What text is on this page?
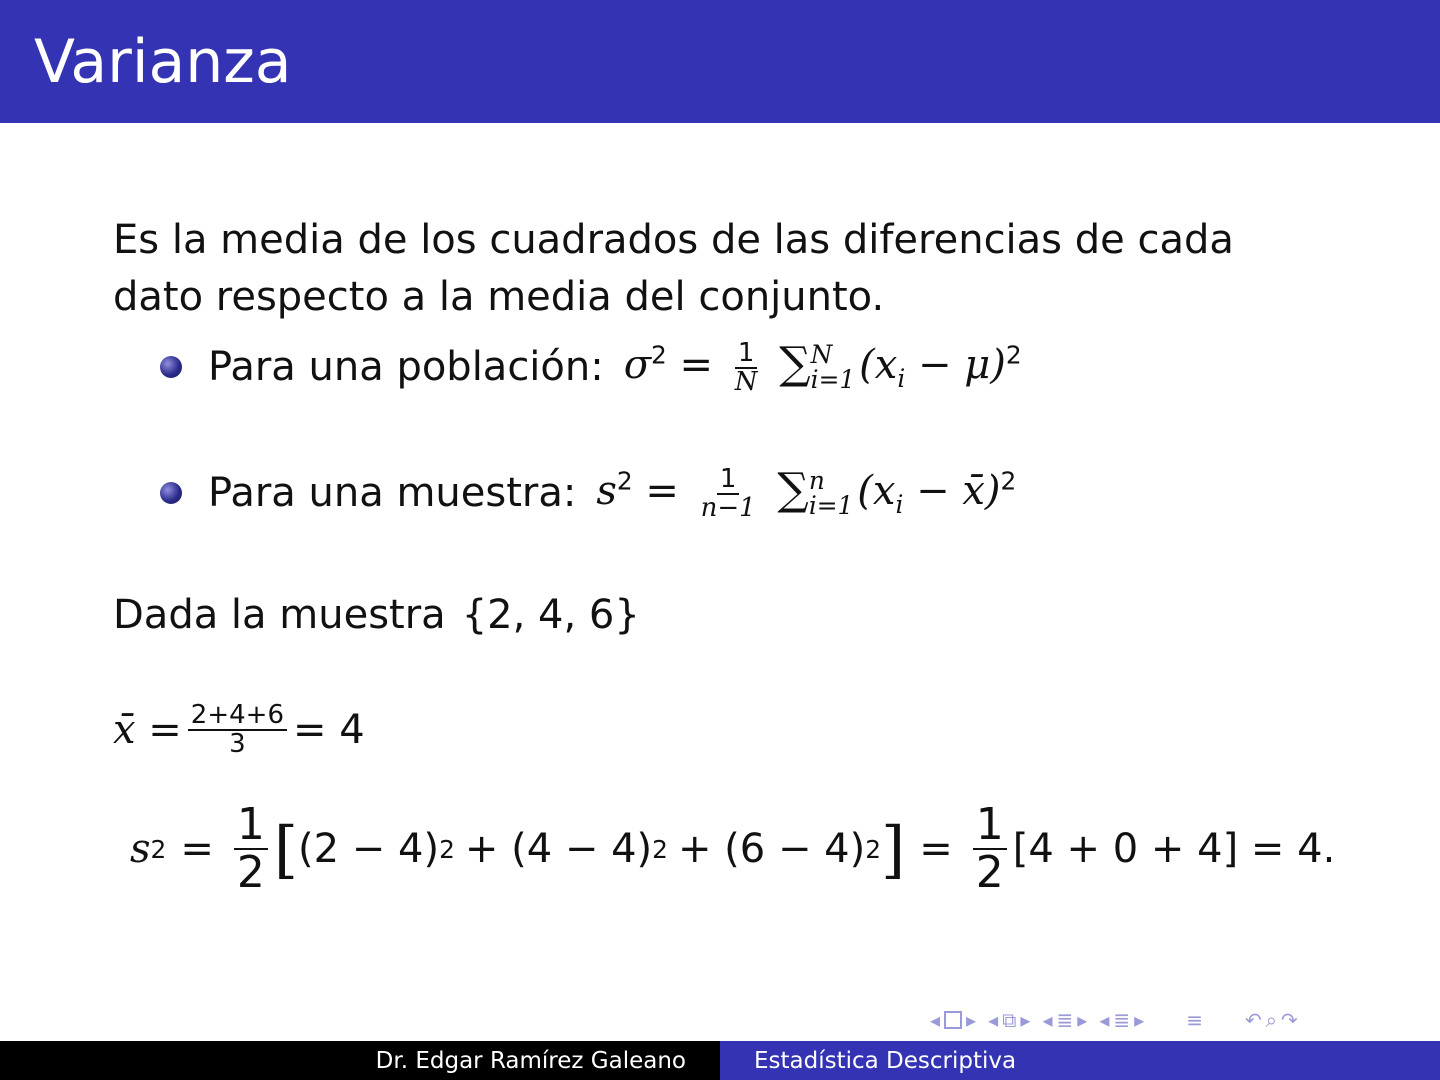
Varianza
Es la media de los cuadrados de las diferencias de cada dato respecto a la media del conjunto.
Para una población: $\sigma^2 = \frac{1}{N}$ ∑ N
i=1 $(x_i - \mu)^2$
Para una muestra: $s^2 = \frac{1}{n-1}$ ∑ n
i=1 ($x_i$ − x̄)$^2$
Dada la muestra {2, 4, 6}
x̄ = $\frac{2+4+6}{3} = 4$
s $2 = \frac{1}{2}$ [ (2 − 4) 2 + (4 − 4) 2 + (6 − 4) 2 ] = $\frac{1}{2} [4 + 0 + 4] = 4$.
◂ ▸ ◂ ⧉ ▸ ◂ ≣ ▸ ◂ ≣ ▸ ≡ ↶ ⌕ ↷
Dr. Edgar Ramírez Galeano	Estadística Descriptiva
